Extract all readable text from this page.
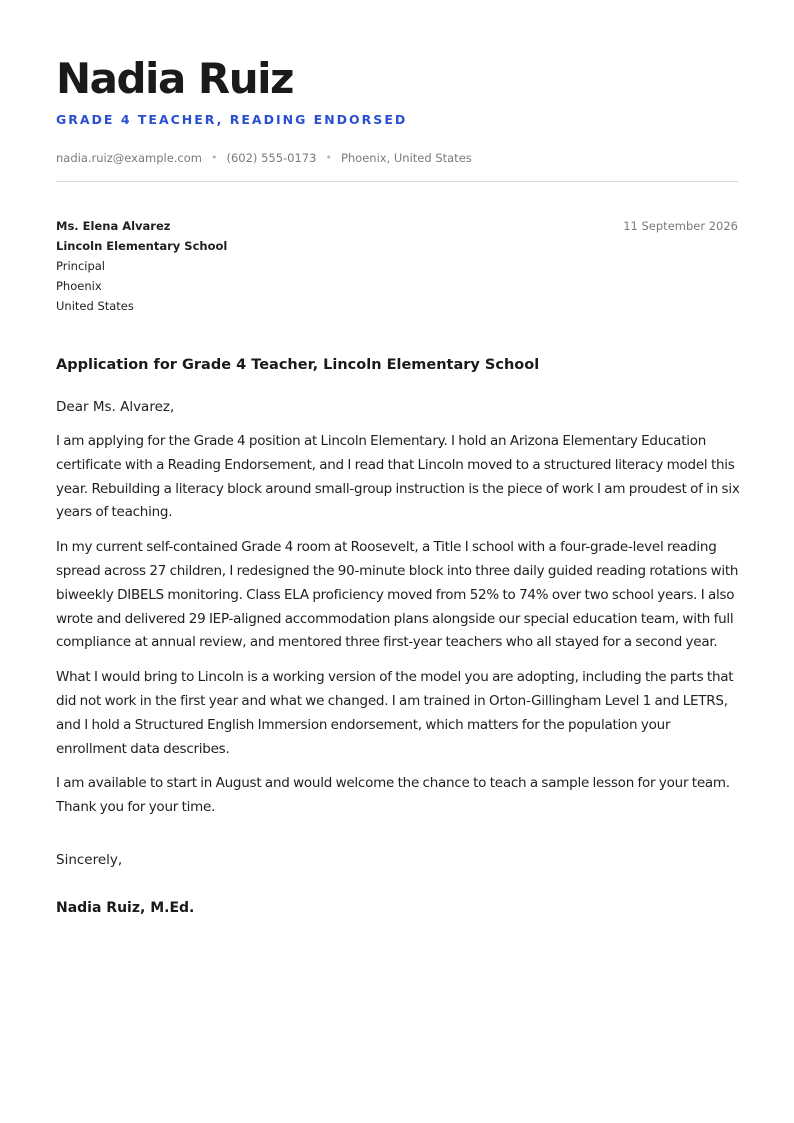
Nadia Ruiz
GRADE 4 TEACHER, READING ENDORSED
nadia.ruiz@example.com • (602) 555-0173 • Phoenix, United States
Ms. Elena Alvarez
Lincoln Elementary School
Principal
Phoenix
United States
11 September 2026
Application for Grade 4 Teacher, Lincoln Elementary School
Dear Ms. Alvarez,
I am applying for the Grade 4 position at Lincoln Elementary. I hold an Arizona Elementary Education certificate with a Reading Endorsement, and I read that Lincoln moved to a structured literacy model this year. Rebuilding a literacy block around small-group instruction is the piece of work I am proudest of in six years of teaching.
In my current self-contained Grade 4 room at Roosevelt, a Title I school with a four-grade-level reading spread across 27 children, I redesigned the 90-minute block into three daily guided reading rotations with biweekly DIBELS monitoring. Class ELA proficiency moved from 52% to 74% over two school years. I also wrote and delivered 29 IEP-aligned accommodation plans alongside our special education team, with full compliance at annual review, and mentored three first-year teachers who all stayed for a second year.
What I would bring to Lincoln is a working version of the model you are adopting, including the parts that did not work in the first year and what we changed. I am trained in Orton-Gillingham Level 1 and LETRS, and I hold a Structured English Immersion endorsement, which matters for the population your enrollment data describes.
I am available to start in August and would welcome the chance to teach a sample lesson for your team. Thank you for your time.
Sincerely,
Nadia Ruiz, M.Ed.
